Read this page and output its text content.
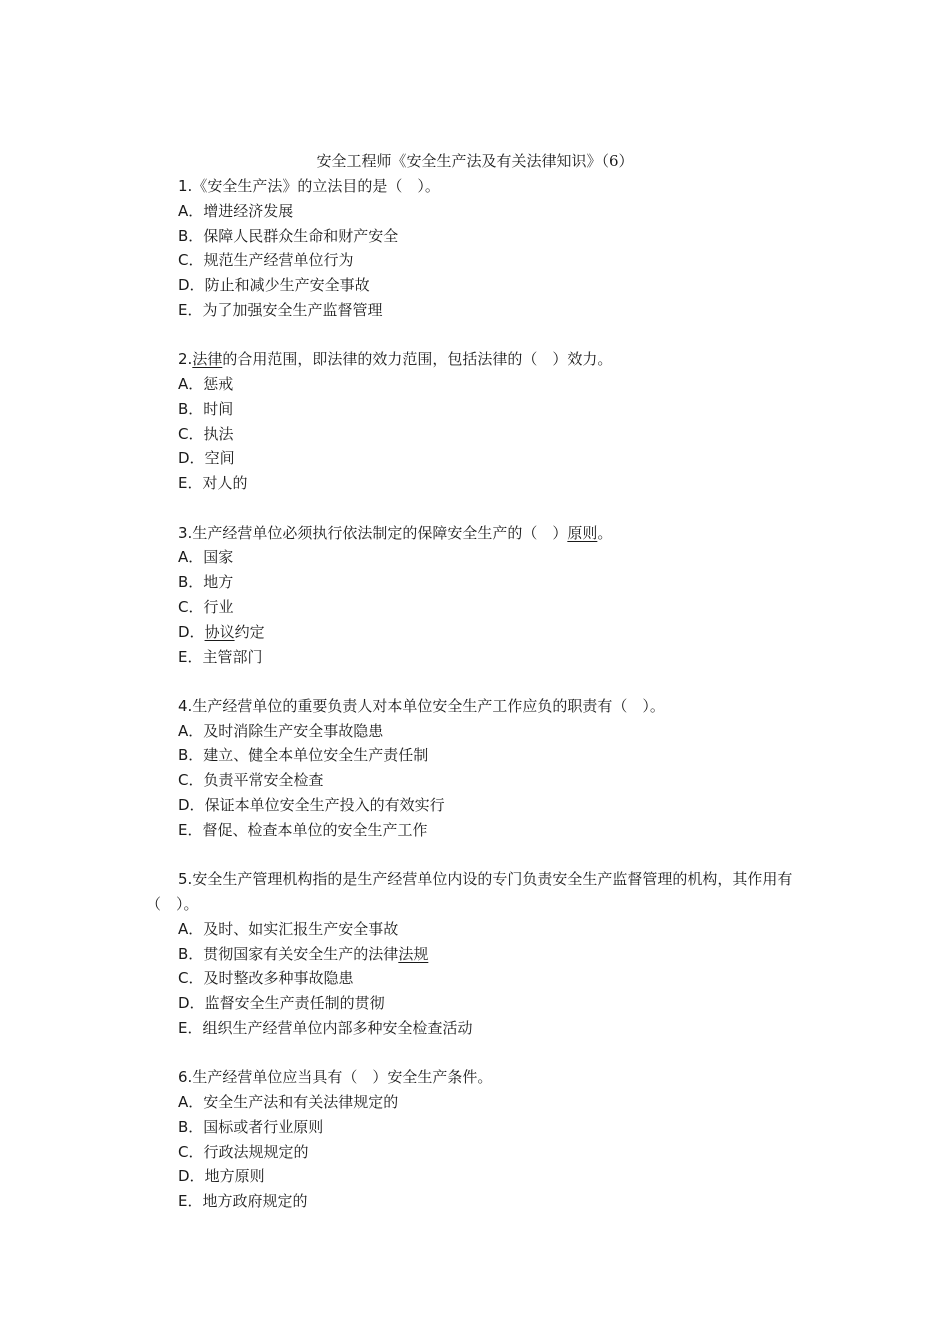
安全工程师《安全生产法及有关法律知识》（6）

1.《安全生产法》的立法目的是（　）。

A．增进经济发展
B．保障人民群众生命和财产安全
C．规范生产经营单位行为
D．防止和减少生产安全事故
E．为了加强安全生产监督管理

2.法律的合用范围，即法律的效力范围，包括法律的（　）效力。

A．惩戒
B．时间
C．执法
D．空间
E．对人的

3.生产经营单位必须执行依法制定的保障安全生产的（　）原则。

A．国家
B．地方
C．行业
D．协议约定
E．主管部门

4.生产经营单位的重要负责人对本单位安全生产工作应负的职责有（　）。

A．及时消除生产安全事故隐患
B．建立、健全本单位安全生产责任制
C．负责平常安全检查
D．保证本单位安全生产投入的有效实行
E．督促、检查本单位的安全生产工作

5.安全生产管理机构指的是生产经营单位内设的专门负责安全生产监督管理的机构，其作用有（　）。

A．及时、如实汇报生产安全事故
B．贯彻国家有关安全生产的法律法规
C．及时整改多种事故隐患
D．监督安全生产责任制的贯彻
E．组织生产经营单位内部多种安全检查活动

6.生产经营单位应当具有（　）安全生产条件。

A．安全生产法和有关法律规定的
B．国标或者行业原则
C．行政法规规定的
D．地方原则
E．地方政府规定的
